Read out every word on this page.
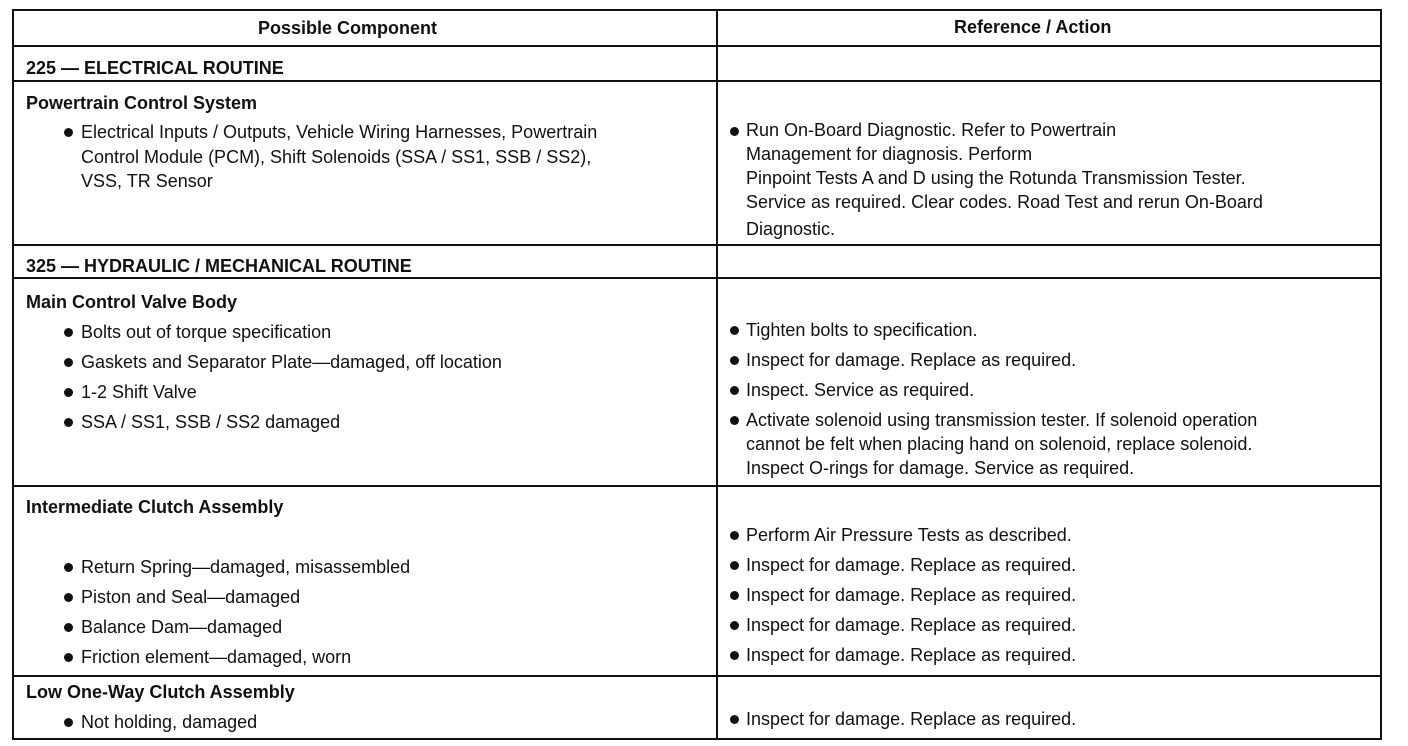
Possible Component	Reference / Action
225 — ELECTRICAL ROUTINE
Powertrain Control System
Electrical Inputs / Outputs, Vehicle Wiring Harnesses, Powertrain
Control Module (PCM), Shift Solenoids (SSA / SS1, SSB / SS2),
VSS, TR Sensor
Run On-Board Diagnostic. Refer to Powertrain
Management for diagnosis. Perform
Pinpoint Tests A and D using the Rotunda Transmission Tester.
Service as required. Clear codes. Road Test and rerun On-Board
Diagnostic.
325 — HYDRAULIC / MECHANICAL ROUTINE
Main Control Valve Body
Bolts out of torque specification
Gaskets and Separator Plate—damaged, off location
1-2 Shift Valve
SSA / SS1, SSB / SS2 damaged
Tighten bolts to specification.
Inspect for damage. Replace as required.
Inspect. Service as required.
Activate solenoid using transmission tester. If solenoid operation
cannot be felt when placing hand on solenoid, replace solenoid.
Inspect O-rings for damage. Service as required.
Intermediate Clutch Assembly
Return Spring—damaged, misassembled
Piston and Seal—damaged
Balance Dam—damaged
Friction element—damaged, worn
Perform Air Pressure Tests as described.
Inspect for damage. Replace as required.
Inspect for damage. Replace as required.
Inspect for damage. Replace as required.
Inspect for damage. Replace as required.
Low One-Way Clutch Assembly
Not holding, damaged	Inspect for damage. Replace as required.
